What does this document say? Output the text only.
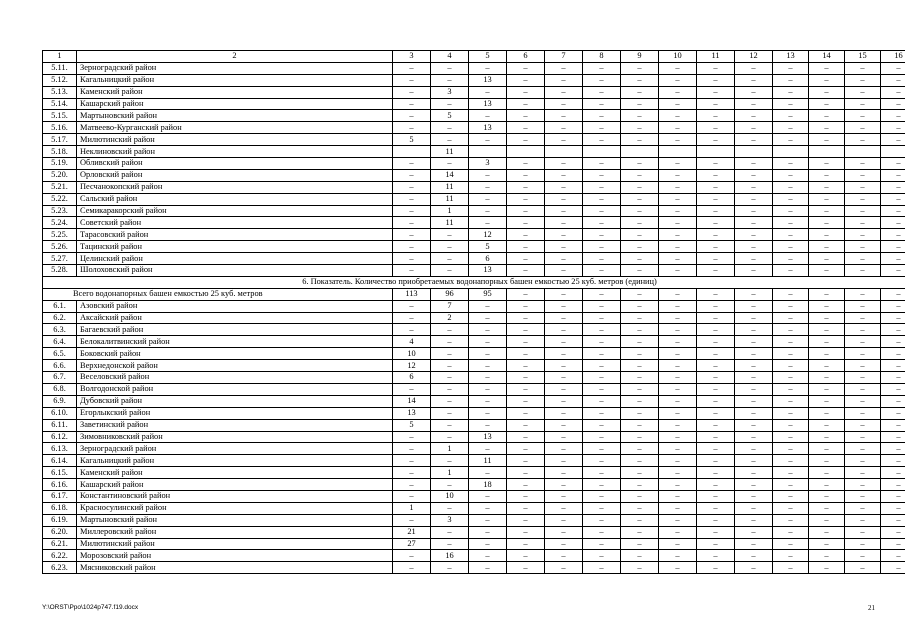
1	2	3	4	5	6	7	8	9	10	11	12	13	14	15	16
5.11.	Зерноградский район	–	–	–	–	–	–	–	–	–	–	–	–	–	–
5.12.	Кагальницкий район	–	–	13	–	–	–	–	–	–	–	–	–	–	–
5.13.	Каменский район	–	3	–	–	–	–	–	–	–	–	–	–	–	–
5.14.	Кашарский район	–	–	13	–	–	–	–	–	–	–	–	–	–	–
5.15.	Мартыновский район	–	5	–	–	–	–	–	–	–	–	–	–	–	–
5.16.	Матвеево-Курганский район	–	–	13	–	–	–	–	–	–	–	–	–	–	–
5.17.	Милютинский район	5	–	–	–	–	–	–	–	–	–	–	–	–	–
5.18.	Неклиновский район		11												
5.19.	Обливский район	–	–	3	–	–	–	–	–	–	–	–	–	–	–
5.20.	Орловский район	–	14	–	–	–	–	–	–	–	–	–	–	–	–
5.21.	Песчанокопский район	–	11	–	–	–	–	–	–	–	–	–	–	–	–
5.22.	Сальский район	–	11	–	–	–	–	–	–	–	–	–	–	–	–
5.23.	Семикаракорский район	–	1	–	–	–	–	–	–	–	–	–	–	–	–
5.24.	Советский район	–	11	–	–	–	–	–	–	–	–	–	–	–	–
5.25.	Тарасовский район	–	–	12	–	–	–	–	–	–	–	–	–	–	–
5.26.	Тацинский район	–	–	5	–	–	–	–	–	–	–	–	–	–	–
5.27.	Целинский район	–	–	6	–	–	–	–	–	–	–	–	–	–	–
5.28.	Шолоховский район	–	–	13	–	–	–	–	–	–	–	–	–	–	–
6. Показатель. Количество приобретаемых водонапорных башен емкостью 25 куб. метров (единиц)															
Всего водонапорных башен емкостью 25 куб. метров		113	96	95	–	–	–	–	–	–	–	–	–	–	–
6.1.	Азовский район	–	7	–	–	–	–	–	–	–	–	–	–	–	–
6.2.	Аксайский район	–	2	–	–	–	–	–	–	–	–	–	–	–	–
6.3.	Багаевский район	–	–	–	–	–	–	–	–	–	–	–	–	–	–
6.4.	Белокалитвинский район	4	–	–	–	–	–	–	–	–	–	–	–	–	–
6.5.	Боковский район	10	–	–	–	–	–	–	–	–	–	–	–	–	–
6.6.	Верхнедонской район	12	–	–	–	–	–	–	–	–	–	–	–	–	–
6.7.	Веселовский район	6	–	–	–	–	–	–	–	–	–	–	–	–	–
6.8.	Волгодонской район	–	–	–	–	–	–	–	–	–	–	–	–	–	–
6.9.	Дубовский район	14	–	–	–	–	–	–	–	–	–	–	–	–	–
6.10.	Егорлыкский район	13	–	–	–	–	–	–	–	–	–	–	–	–	–
6.11.	Заветинский район	5	–	–	–	–	–	–	–	–	–	–	–	–	–
6.12.	Зимовниковский район	–	–	13	–	–	–	–	–	–	–	–	–	–	–
6.13.	Зерноградский район	–	1	–	–	–	–	–	–	–	–	–	–	–	–
6.14.	Кагальницкий район	–	–	11	–	–	–	–	–	–	–	–	–	–	–
6.15.	Каменский район	–	1	–	–	–	–	–	–	–	–	–	–	–	–
6.16.	Кашарский район	–	–	18	–	–	–	–	–	–	–	–	–	–	–
6.17.	Константиновский район	–	10	–	–	–	–	–	–	–	–	–	–	–	–
6.18.	Красносулинский район	1	–	–	–	–	–	–	–	–	–	–	–	–	–
6.19.	Мартыновский район	–	3	–	–	–	–	–	–	–	–	–	–	–	–
6.20.	Миллеровский район	21	–	–	–	–	–	–	–	–	–	–	–	–	–
6.21.	Милютинский район	27	–	–	–	–	–	–	–	–	–	–	–	–	–
6.22.	Морозовский район	–	16	–	–	–	–	–	–	–	–	–	–	–	–
6.23.	Мясниковский район	–	–	–	–	–	–	–	–	–	–	–	–	–	–
Y:\ORST\Ppo\1024p747.f19.docx	21
